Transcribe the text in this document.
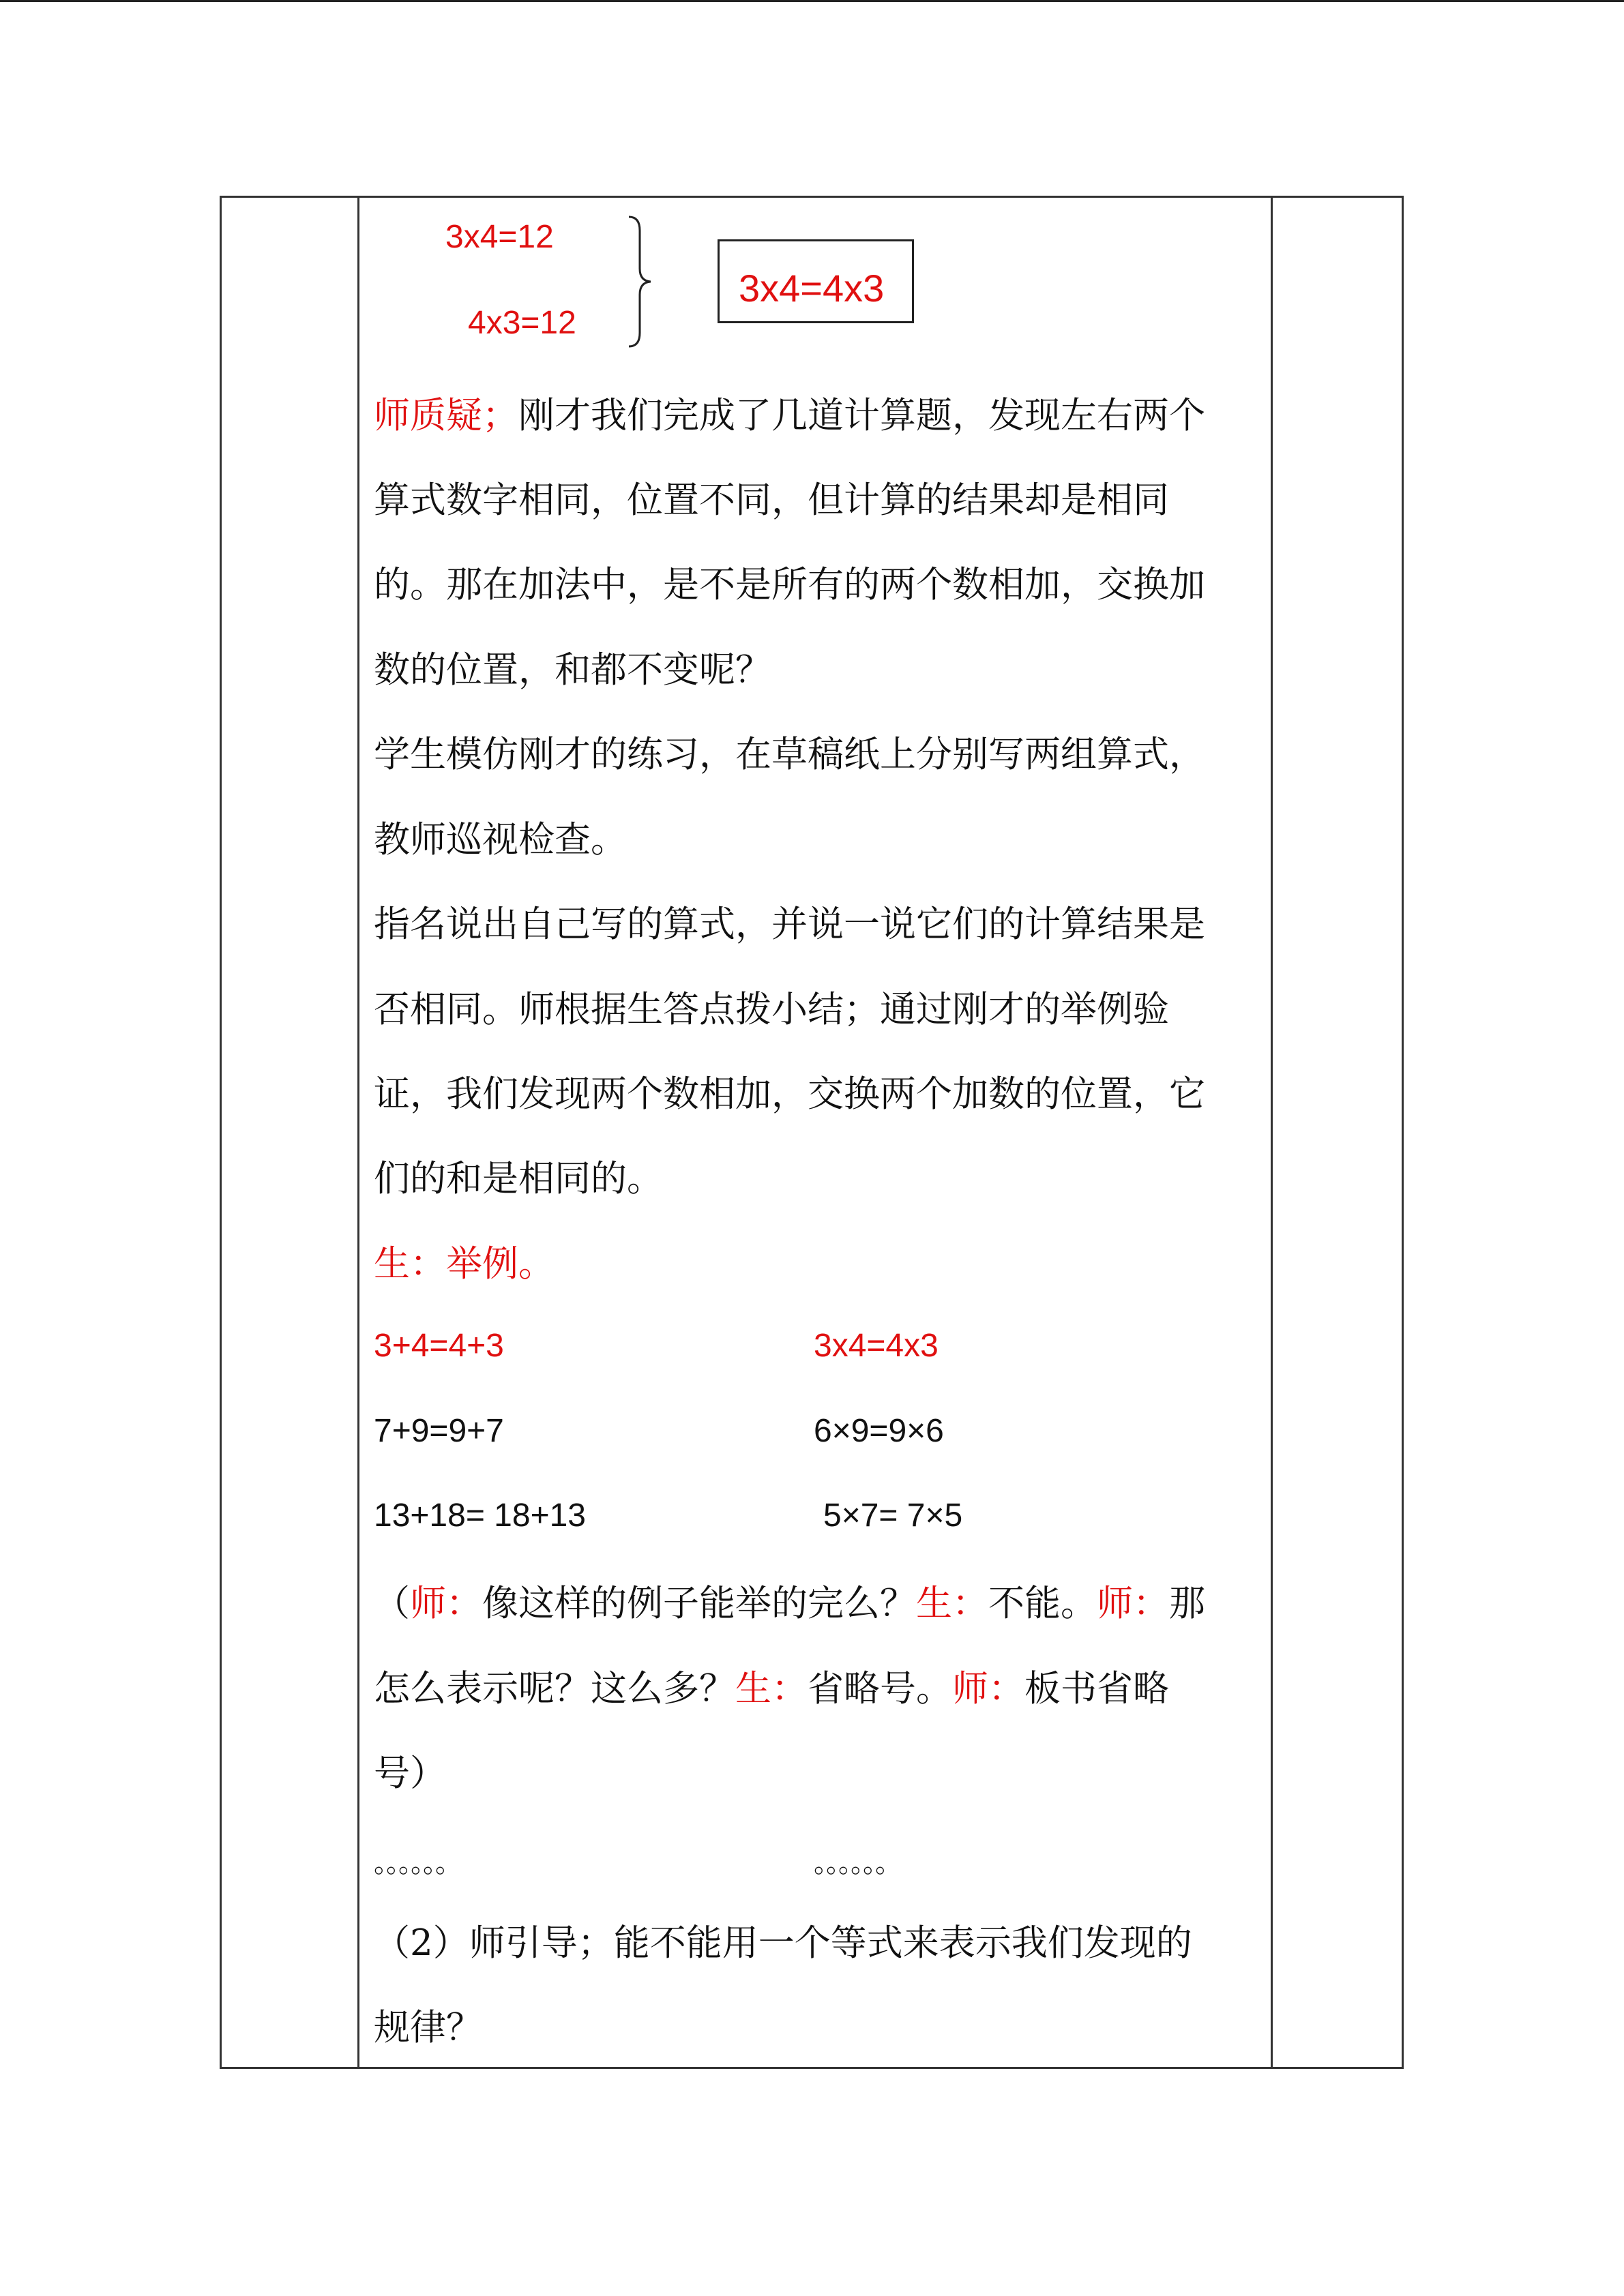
3x4=12
4x3=12
3x4=4x3
师质疑；刚才我们完成了几道计算题，发现左右两个
算式数字相同，位置不同，但计算的结果却是相同
的。那在加法中，是不是所有的两个数相加，交换加
数的位置，和都不变呢？
学生模仿刚才的练习，在草稿纸上分别写两组算式，
教师巡视检查。
指名说出自己写的算式，并说一说它们的计算结果是
否相同。师根据生答点拨小结；通过刚才的举例验
证，我们发现两个数相加，交换两个加数的位置，它
们的和是相同的。
生：举例。
3+4=4+3	3x4=4x3
7+9=9+7	6×9=9×6
13+18= 18+13	5×7= 7×5
（师：像这样的例子能举的完么？生：不能。师：那
怎么表示呢？这么多？生：省略号。师：板书省略
号）
。。。。。。	。。。。。。
（2）师引导；能不能用一个等式来表示我们发现的
规律？
